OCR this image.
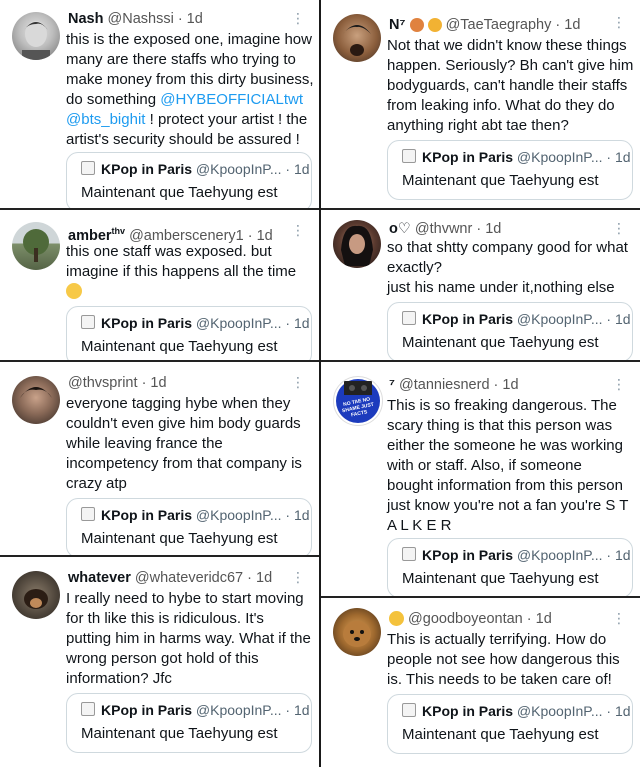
Nash @Nashssi · 1d	⋮
this is the exposed one, imagine how
many are there staffs who trying to
make money from this dirty business,
do something @HYBEOFFICIALtwt
@bts_bighit ! protect your artist ! the
artist's security should be assured !
KPop in Paris @KpoopInP... · 1d
Maintenant que Taehyung est
amber$^{thv}$ @amberscenery1 · 1d ⋮
this one staff was exposed. but
imagine if this happens all the time
KPop in Paris @KpoopInP... · 1d
Maintenant que Taehyung est
@thvsprint · 1d	⋮
everyone tagging hybe when they
couldn't even give him body guards
while leaving france the
incompetency from that company is
crazy atp
KPop in Paris @KpoopInP... · 1d
Maintenant que Taehyung est
whatever @whateveridc67 · 1d ⋮
I really need to hybe to start moving
for th like this is ridiculous. It's
putting him in harms way. What if the
wrong person got hold of this
information? Jfc
KPop in Paris @KpoopInP... · 1d
Maintenant que Taehyung est
N⁷	@TaeTaegraphy · 1d ⋮
Not that we didn't know these things
happen. Seriously? Bh can't give him
bodyguards, can't handle their staffs
from leaking info. What do they do
anything right abt tae then?
KPop in Paris @KpoopInP... · 1d
Maintenant que Taehyung est
o♡ @thvwnr · 1d	⋮
so that shtty company good for what
exactly?
just his name under it,nothing else
KPop in Paris @KpoopInP... · 1d
Maintenant que Taehyung est
NO TAE NO SHAME JUST FACTS
⁷ @tanniesnerd · 1d	⋮
This is so freaking dangerous. The
scary thing is that this person was
either the someone he was working
with or staff. Also, if someone
bought information from this person
just know you're not a fan you're S T
A L K E R
KPop in Paris @KpoopInP... · 1d
Maintenant que Taehyung est
@goodboyeontan · 1d	⋮
This is actually terrifying. How do
people not see how dangerous this
is. This needs to be taken care of!
KPop in Paris @KpoopInP... · 1d
Maintenant que Taehyung est
